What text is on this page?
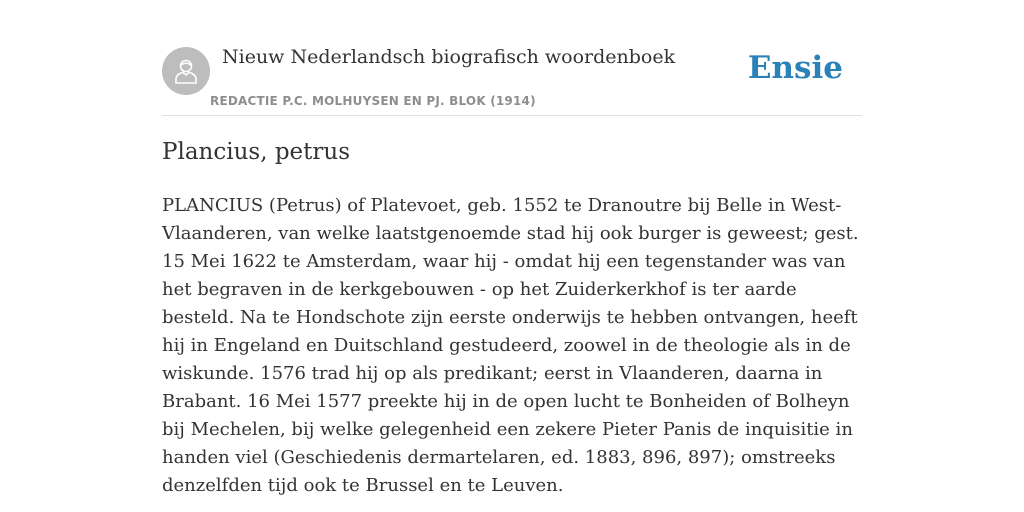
Nieuw Nederlandsch biografisch woordenboek
REDACTIE P.C. MOLHUYSEN EN PJ. BLOK (1914)
Ensie
Plancius, petrus

PLANCIUS (Petrus) of Platevoet, geb. 1552 te Dranoutre bij Belle in West-Vlaanderen, van welke laatstgenoemde stad hij ook burger is geweest; gest. 15 Mei 1622 te Amsterdam, waar hij - omdat hij een tegenstander was van het begraven in de kerkgebouwen - op het Zuiderkerkhof is ter aarde besteld. Na te Hondschote zijn eerste onderwijs te hebben ontvangen, heeft hij in Engeland en Duitschland gestudeerd, zoowel in de theologie als in de wiskunde. 1576 trad hij op als predikant; eerst in Vlaanderen, daarna in Brabant. 16 Mei 1577 preekte hij in de open lucht te Bonheiden of Bolheyn bij Mechelen, bij welke gelegenheid een zekere Pieter Panis de inquisitie in handen viel (Geschiedenis dermartelaren, ed. 1883, 896, 897); omstreeks denzelfden tijd ook te Brussel en te Leuven.
